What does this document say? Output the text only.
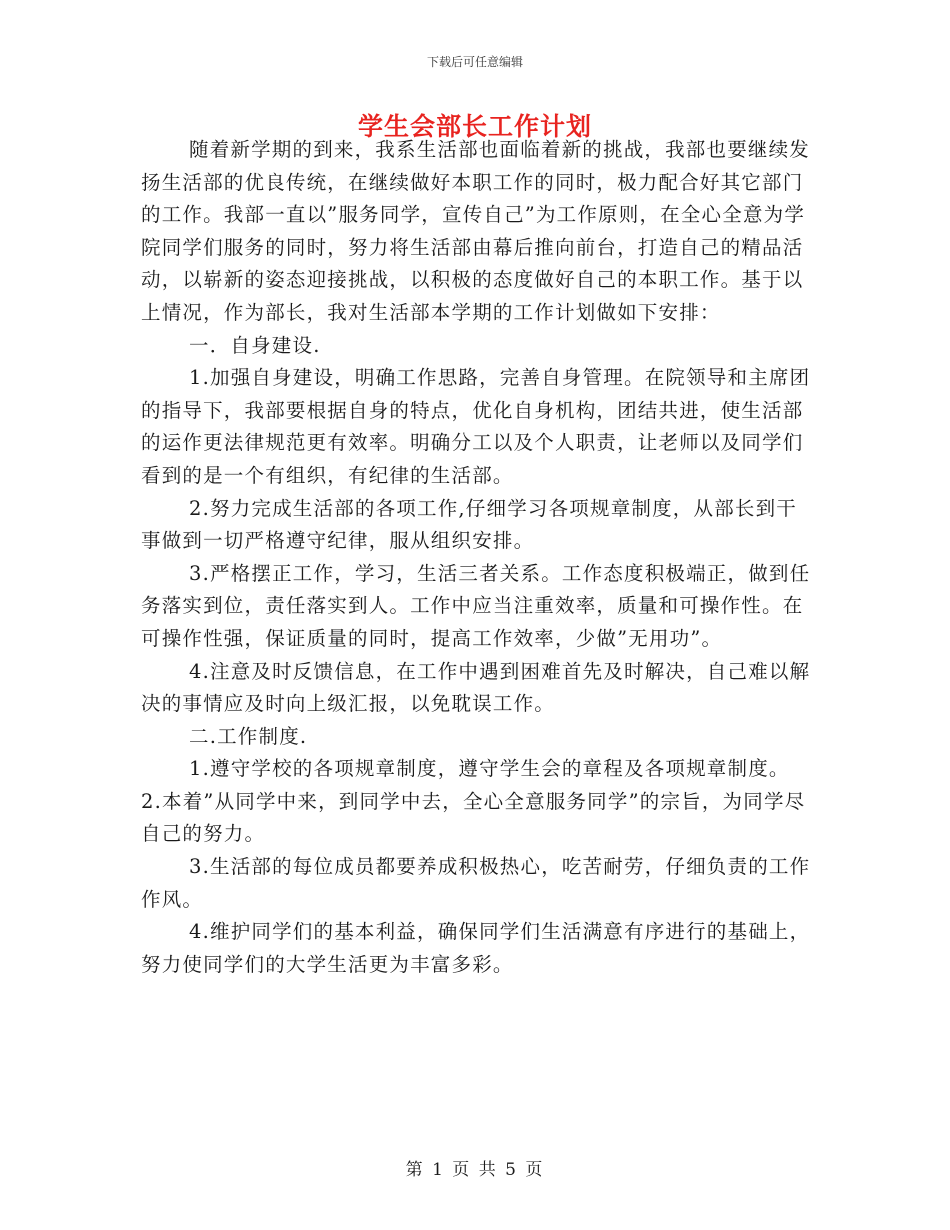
下载后可任意编辑
学生会部长工作计划

随着新学期的到来，我系生活部也面临着新的挑战，我部也要继续发扬生活部的优良传统，在继续做好本职工作的同时，极力配合好其它部门的工作。我部一直以”服务同学，宣传自己”为工作原则，在全心全意为学院同学们服务的同时，努力将生活部由幕后推向前台，打造自己的精品活动，以崭新的姿态迎接挑战，以积极的态度做好自己的本职工作。基于以上情况，作为部长，我对生活部本学期的工作计划做如下安排：

一．自身建设.

1.加强自身建设，明确工作思路，完善自身管理。在院领导和主席团的指导下，我部要根据自身的特点，优化自身机构，团结共进，使生活部的运作更法律规范更有效率。明确分工以及个人职责，让老师以及同学们看到的是一个有组织，有纪律的生活部。

2.努力完成生活部的各项工作,仔细学习各项规章制度，从部长到干事做到一切严格遵守纪律，服从组织安排。

3.严格摆正工作，学习，生活三者关系。工作态度积极端正，做到任务落实到位，责任落实到人。工作中应当注重效率，质量和可操作性。在可操作性强，保证质量的同时，提高工作效率，少做”无用功”。

4.注意及时反馈信息，在工作中遇到困难首先及时解决，自己难以解决的事情应及时向上级汇报，以免耽误工作。

二.工作制度.

1.遵守学校的各项规章制度，遵守学生会的章程及各项规章制度。

2.本着”从同学中来，到同学中去，全心全意服务同学”的宗旨，为同学尽自己的努力。

3.生活部的每位成员都要养成积极热心，吃苦耐劳，仔细负责的工作作风。

4.维护同学们的基本利益，确保同学们生活满意有序进行的基础上，努力使同学们的大学生活更为丰富多彩。

第 1 页 共 5 页
